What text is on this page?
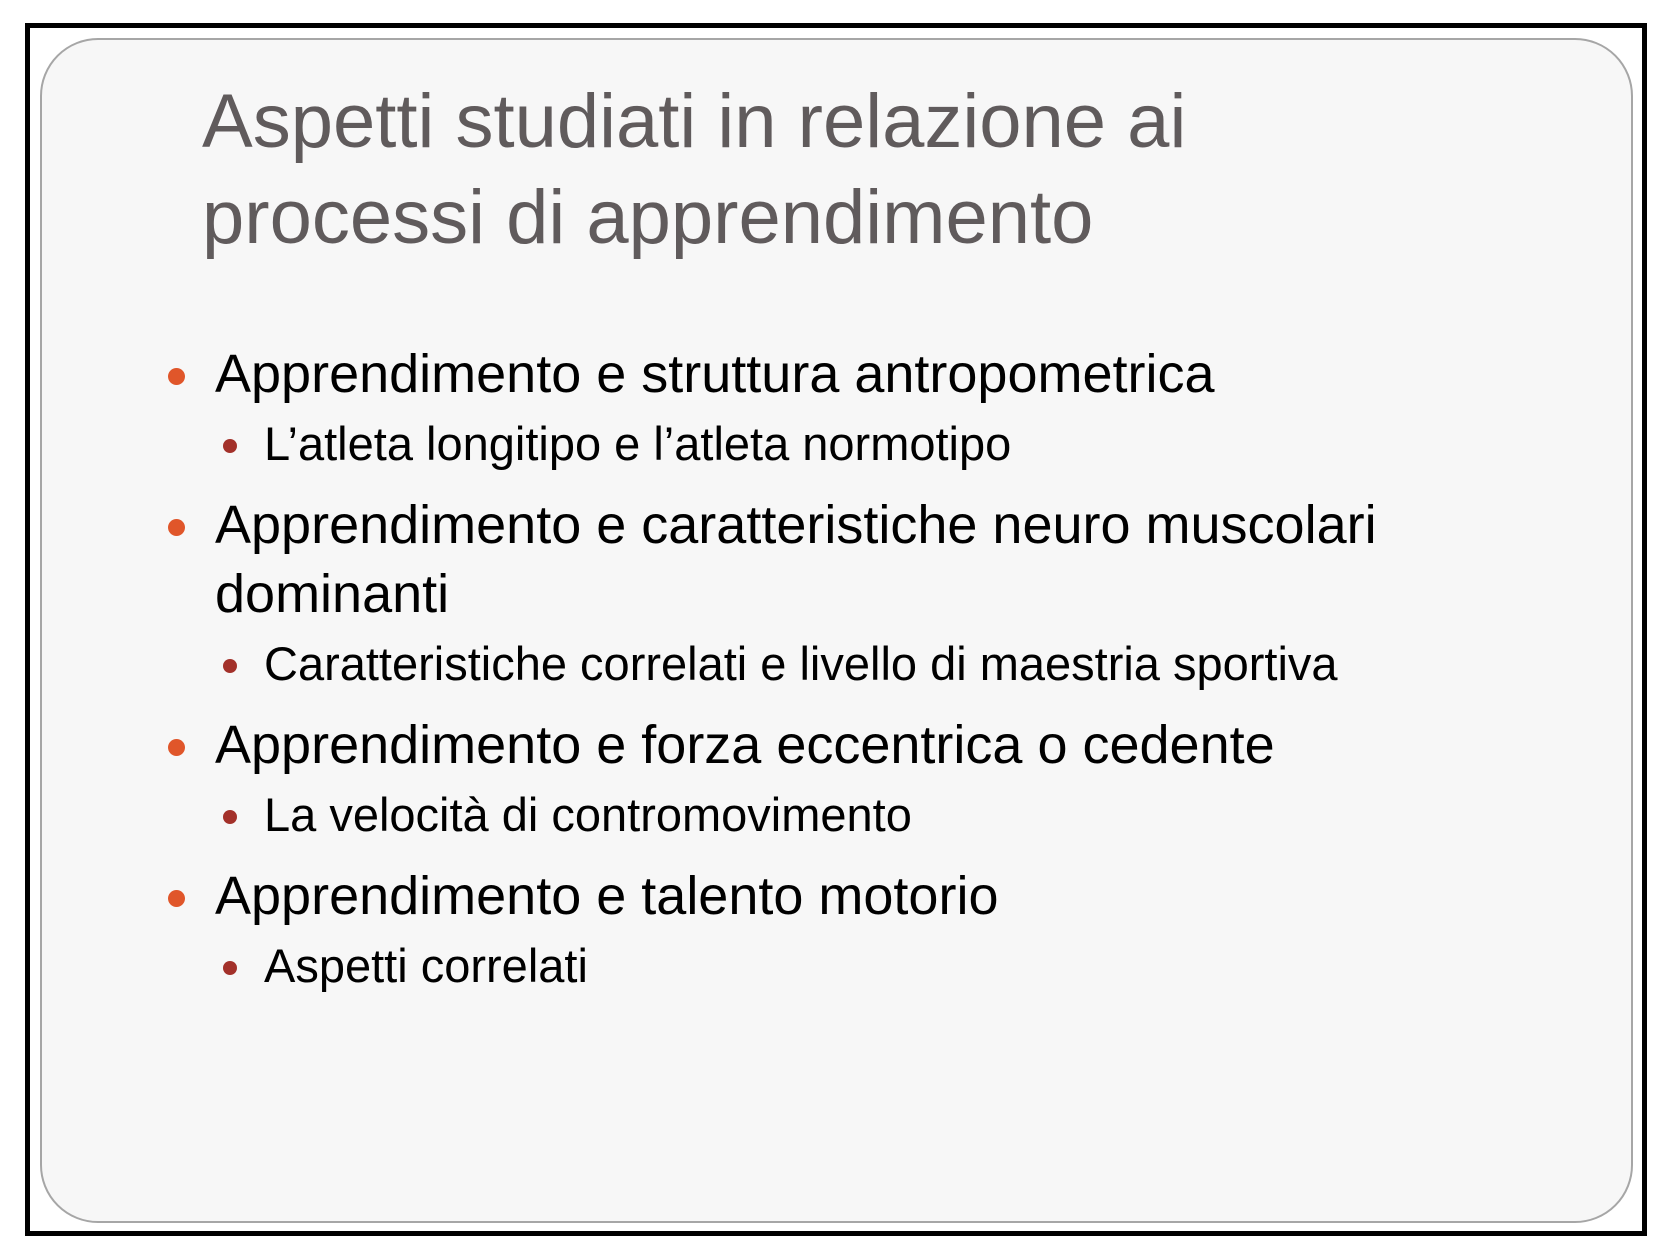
Aspetti studiati in relazione ai
processi di apprendimento
Apprendimento e struttura antropometrica
L’atleta longitipo e l’atleta normotipo
Apprendimento e caratteristiche neuro muscolari
dominanti
Caratteristiche correlati e livello di maestria sportiva
Apprendimento e forza eccentrica o cedente
La velocità di contromovimento
Apprendimento e talento motorio
Aspetti correlati
